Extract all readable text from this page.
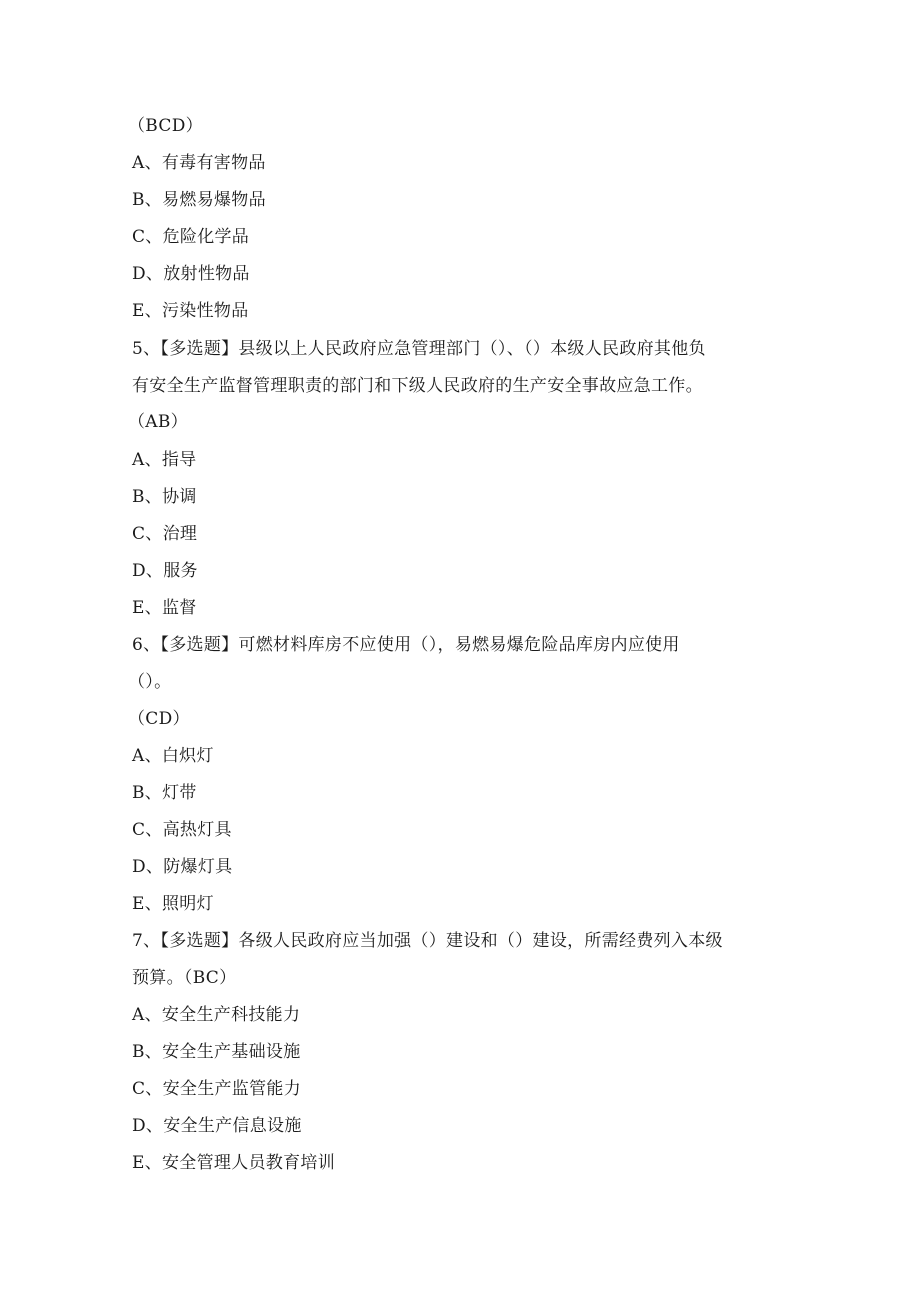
（BCD）
A、有毒有害物品
B、易燃易爆物品
C、危险化学品
D、放射性物品
E、污染性物品
5、【多选题】县级以上人民政府应急管理部门（）、（）本级人民政府其他负
有安全生产监督管理职责的部门和下级人民政府的生产安全事故应急工作。
（AB）
A、指导
B、协调
C、治理
D、服务
E、监督
6、【多选题】可燃材料库房不应使用（），易燃易爆危险品库房内应使用
（）。
（CD）
A、白炽灯
B、灯带
C、高热灯具
D、防爆灯具
E、照明灯
7、【多选题】各级人民政府应当加强（）建设和（）建设，所需经费列入本级
预算。（BC）
A、安全生产科技能力
B、安全生产基础设施
C、安全生产监管能力
D、安全生产信息设施
E、安全管理人员教育培训
